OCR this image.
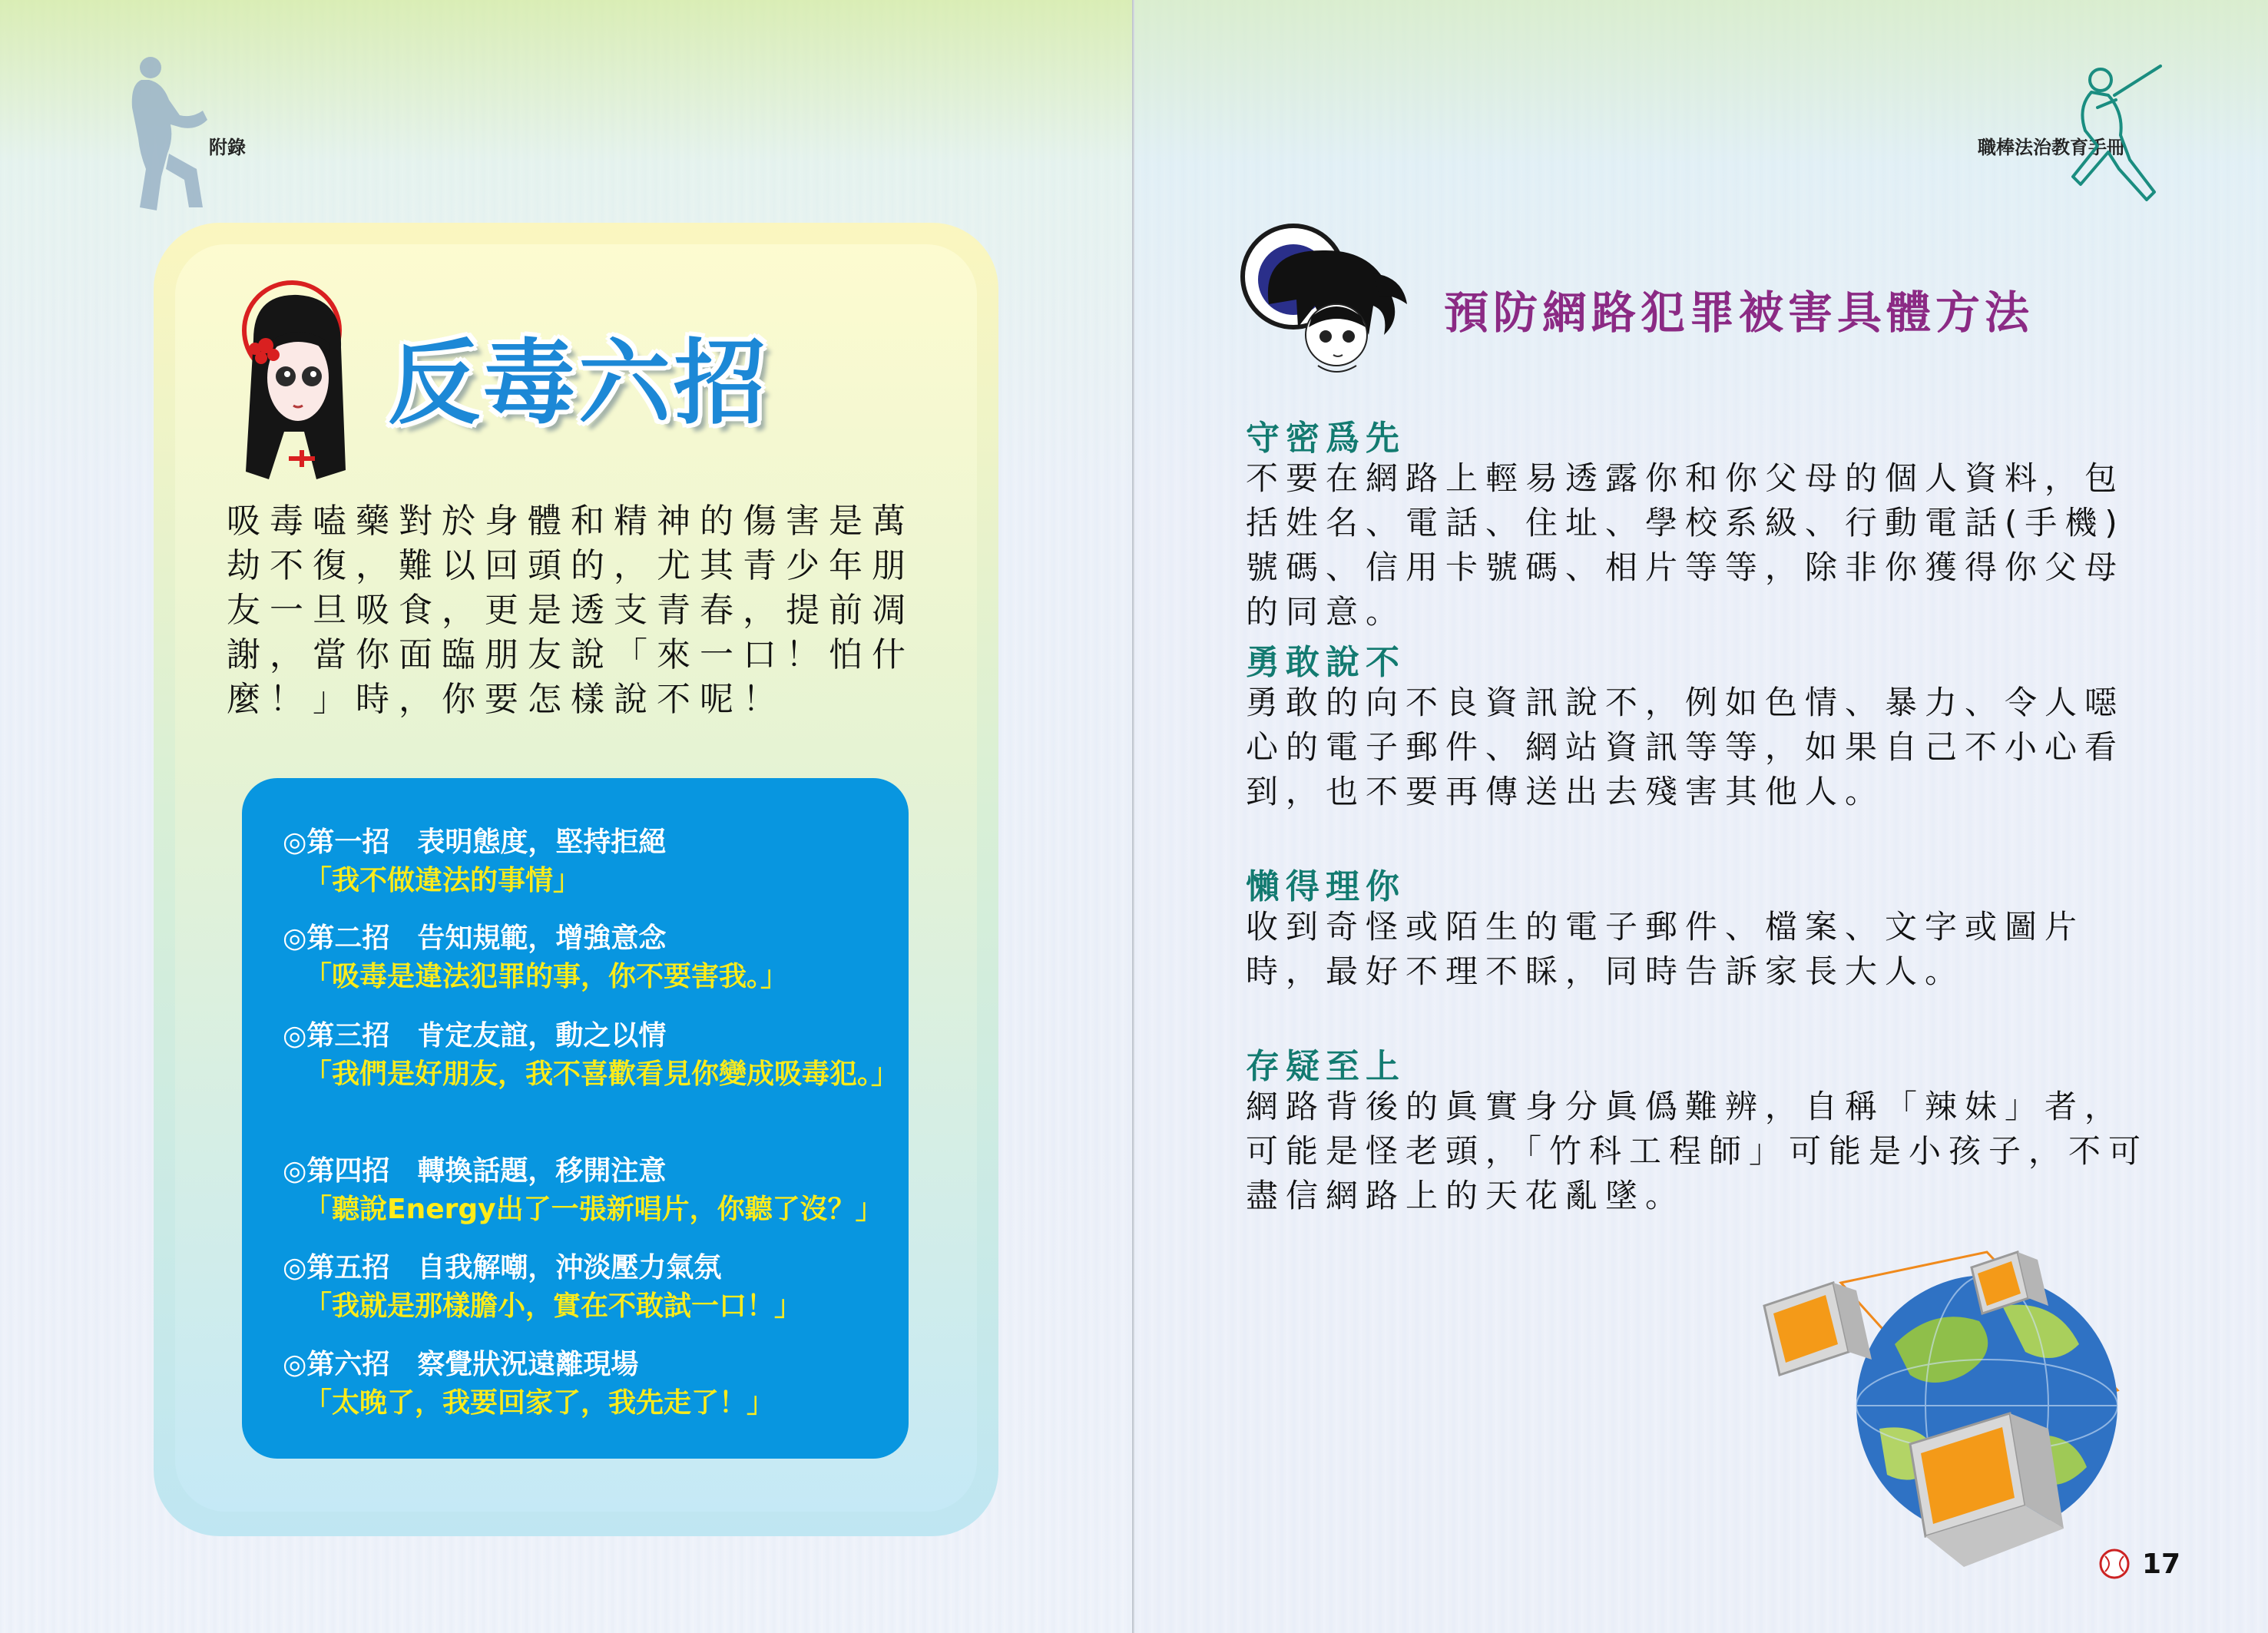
附錄
反毒六招
吸毒嗑藥對於身體和精神的傷害是萬劫不復，難以回頭的，尤其青少年朋友一旦吸食，更是透支青春，提前凋謝，當你面臨朋友說「來一口！怕什麼！」時，你要怎樣說不呢！
◎第一招　表明態度，堅持拒絕
「我不做違法的事情」
◎第二招　告知規範，增強意念
「吸毒是違法犯罪的事，你不要害我。」
◎第三招　肯定友誼，動之以情
「我們是好朋友，我不喜歡看見你變成吸毒犯。」
◎第四招　轉換話題，移開注意
「聽說Energy出了一張新唱片，你聽了沒？」
◎第五招　自我解嘲，沖淡壓力氣氛
「我就是那樣膽小，實在不敢試一口！」
◎第六招　察覺狀況遠離現場
「太晚了，我要回家了，我先走了！」
職棒法治教育手冊
預防網路犯罪被害具體方法
守密爲先
不要在網路上輕易透露你和你父母的個人資料，包括姓名、電話、住址、學校系級、行動電話(手機)號碼、信用卡號碼、相片等等，除非你獲得你父母的同意。
勇敢說不
勇敢的向不良資訊說不，例如色情、暴力、令人噁心的電子郵件、網站資訊等等，如果自己不小心看到，也不要再傳送出去殘害其他人。
懶得理你
收到奇怪或陌生的電子郵件、檔案、文字或圖片時，最好不理不睬，同時告訴家長大人。
存疑至上
網路背後的眞實身分眞僞難辨，自稱「辣妹」者，可能是怪老頭，「竹科工程師」可能是小孩子，不可盡信網路上的天花亂墜。
17
